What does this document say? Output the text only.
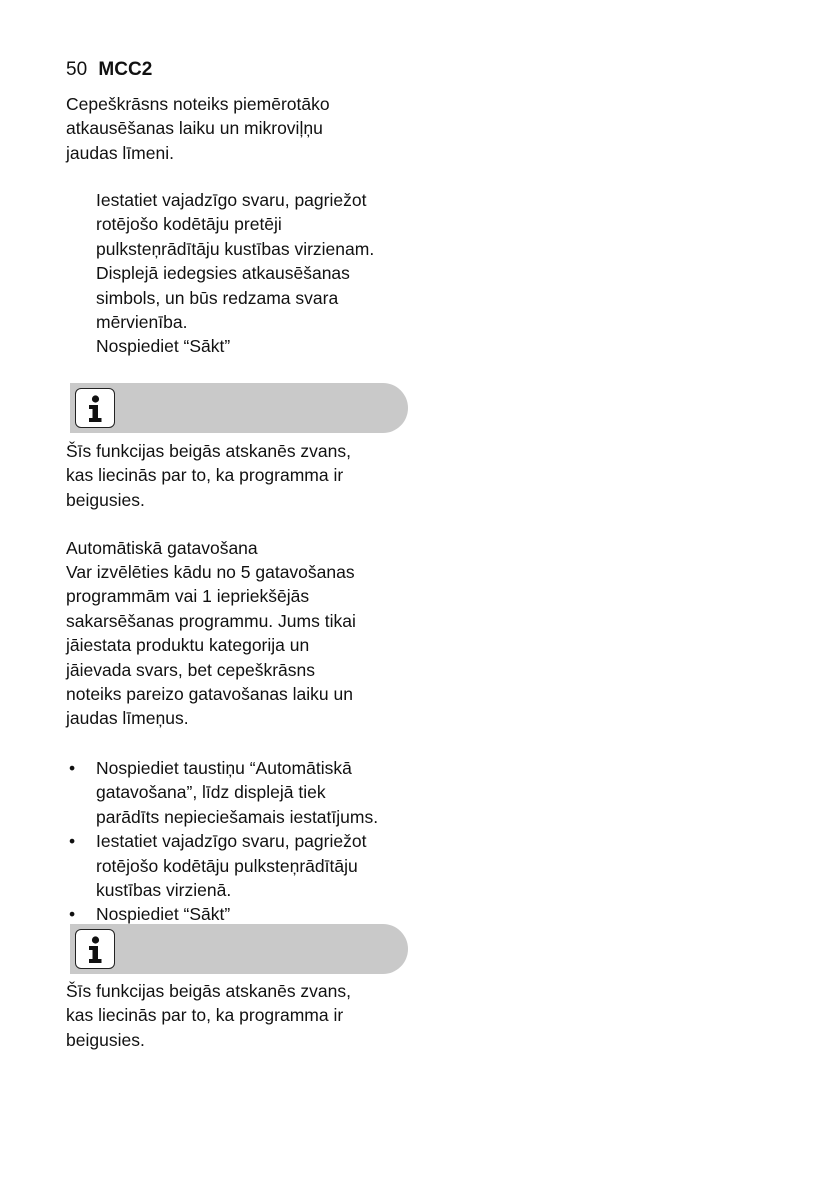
50 MCC2

Cepeškrāsns noteiks piemērotāko

atkausēšanas laiku un mikroviļņu

jaudas līmeni.

Iestatiet vajadzīgo svaru, pagriežot

rotējošo kodētāju pretēji

pulksteņrādītāju kustības virzienam.

Displejā iedegsies atkausēšanas

simbols, un būs redzama svara

mērvienība.

Nospiediet “Sākt”

Šīs funkcijas beigās atskanēs zvans,

kas liecinās par to, ka programma ir

beigusies.

Automātiskā gatavošana

Var izvēlēties kādu no 5 gatavošanas

programmām vai 1 iepriekšējās

sakarsēšanas programmu. Jums tikai

jāiestata produktu kategorija un

jāievada svars, bet cepeškrāsns

noteiks pareizo gatavošanas laiku un

jaudas līmeņus.

• Nospiediet taustiņu “Automātiskā
gatavošana”, līdz displejā tiek
parādīts nepieciešamais iestatījums.
• Iestatiet vajadzīgo svaru, pagriežot
rotējošo kodētāju pulksteņrādītāju
kustības virzienā.
• Nospiediet “Sākt”

Šīs funkcijas beigās atskanēs zvans,

kas liecinās par to, ka programma ir

beigusies.
